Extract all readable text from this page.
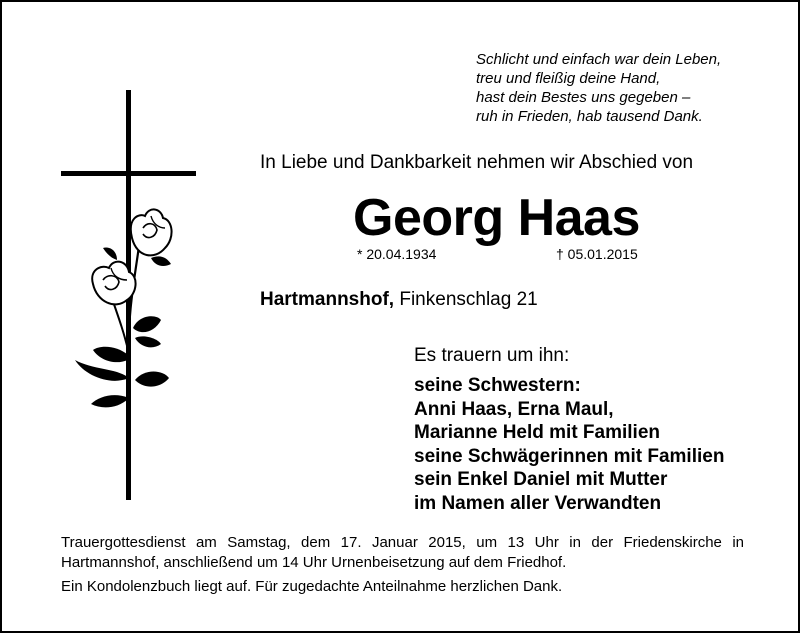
Schlicht und einfach war dein Leben,
treu und fleißig deine Hand,
hast dein Bestes uns gegeben –
ruh in Frieden, hab tausend Dank.
In Liebe und Dankbarkeit nehmen wir Abschied von
Georg Haas
* 20.04.1934	† 05.01.2015
Hartmannshof, Finkenschlag 21
Es trauern um ihn:
seine Schwestern:
Anni Haas, Erna Maul,
Marianne Held mit Familien
seine Schwägerinnen mit Familien
sein Enkel Daniel mit Mutter
im Namen aller Verwandten

Trauergottesdienst am Samstag, dem 17. Januar 2015, um 13 Uhr in der Friedenskirche in Hartmannshof, anschließend um 14 Uhr Urnenbeisetzung auf dem Friedhof.

Ein Kondolenzbuch liegt auf. Für zugedachte Anteilnahme herzlichen Dank.
